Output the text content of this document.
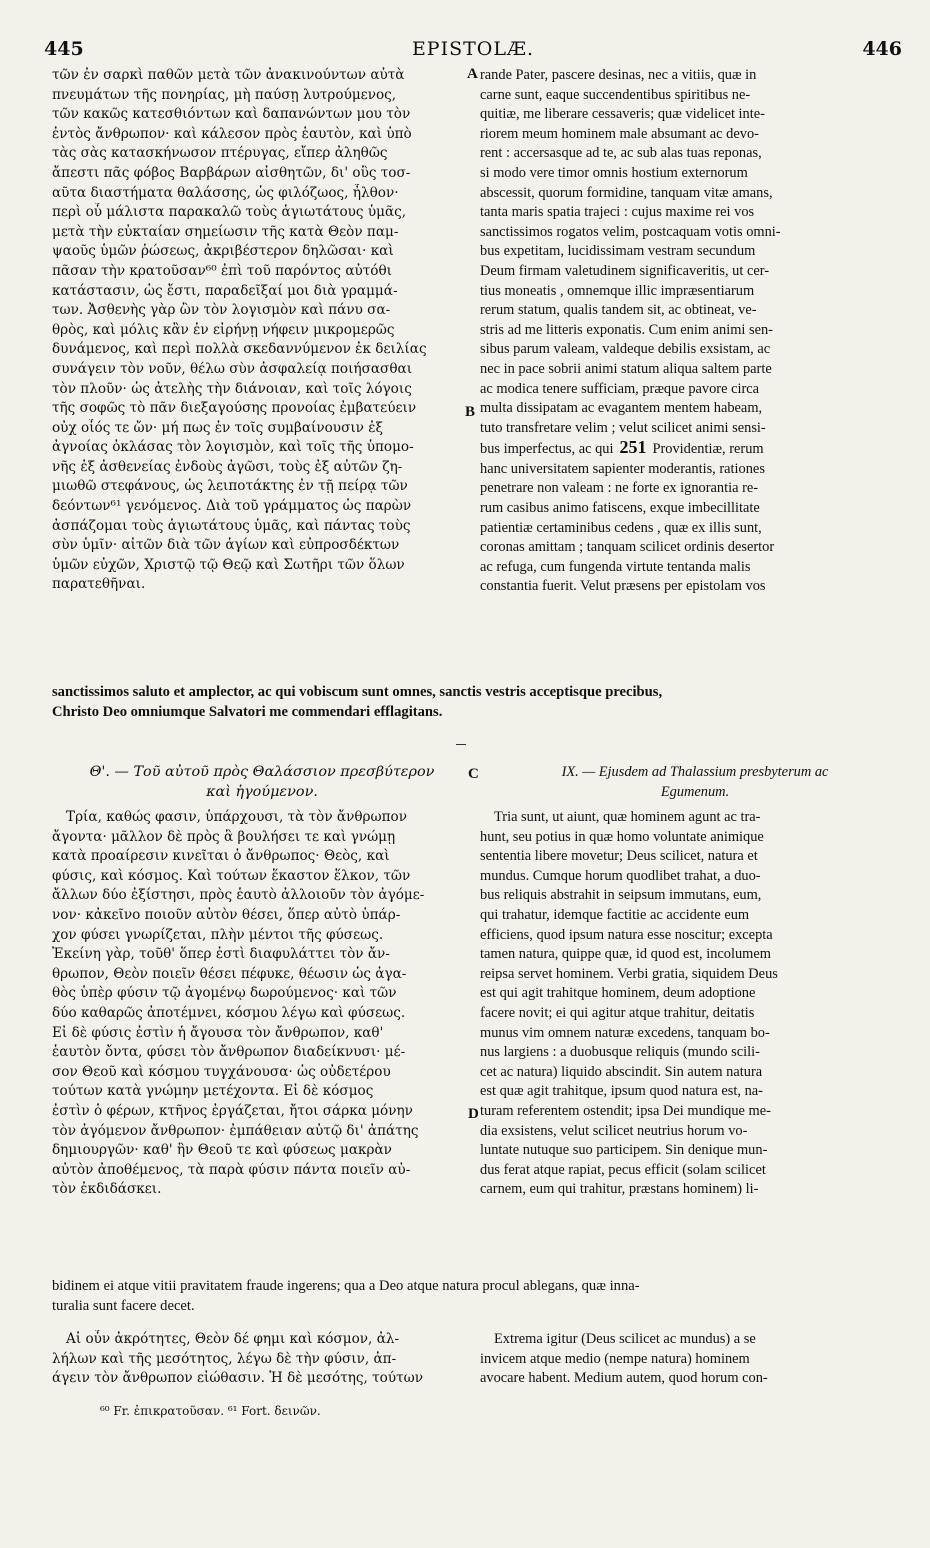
445	EPISTOLÆ.	446
A
B
C
D
τῶν ἐν σαρκὶ παθῶν μετὰ τῶν ἀνακινούντων αὐτὰ
πνευμάτων τῆς πονηρίας, μὴ παύσῃ λυτρούμενος,
τῶν κακῶς κατεσθιόντων καὶ δαπανώντων μου τὸν
ἐντὸς ἄνθρωπον· καὶ κάλεσον πρὸς ἑαυτὸν, καὶ ὑπὸ
τὰς σὰς κατασκήνωσον πτέρυγας, εἴπερ ἀληθῶς
ἄπεστι πᾶς φόβος Βαρβάρων αἰσθητῶν, δι' οὓς τοσ-
αῦτα διαστήματα θαλάσσης, ὡς φιλόζωος, ἦλθον·
περὶ οὗ μάλιστα παρακαλῶ τοὺς ἁγιωτάτους ὑμᾶς,
μετὰ τὴν εὐκταίαν σημείωσιν τῆς κατὰ Θεὸν παμ-
ψαοῦς ὑμῶν ῥώσεως, ἀκριβέστερον δηλῶσαι· καὶ
πᾶσαν τὴν κρατοῦσαν⁶⁰ ἐπὶ τοῦ παρόντος αὐτόθι
κατάστασιν, ὡς ἔστι, παραδεῖξαί μοι διὰ γραμμά-
των. Ἀσθενὴς γὰρ ὢν τὸν λογισμὸν καὶ πάνυ σα-
θρὸς, καὶ μόλις κἂν ἐν εἰρήνῃ νήφειν μικρομερῶς
δυνάμενος, καὶ περὶ πολλὰ σκεδαννύμενον ἐκ δειλίας
συνάγειν τὸν νοῦν, θέλω σὺν ἀσφαλείᾳ ποιήσασθαι
τὸν πλοῦν· ὡς ἀτελὴς τὴν διάνοιαν, καὶ τοῖς λόγοις
τῆς σοφῶς τὸ πᾶν διεξαγούσης προνοίας ἐμβατεύειν
οὐχ οἷός τε ὤν· μή πως ἐν τοῖς συμβαίνουσιν ἐξ
ἀγνοίας ὀκλάσας τὸν λογισμὸν, καὶ τοῖς τῆς ὑπομο-
νῆς ἐξ ἀσθενείας ἐνδοὺς ἀγῶσι, τοὺς ἐξ αὐτῶν ζη-
μιωθῶ στεφάνους, ὡς λειποτάκτης ἐν τῇ πείρᾳ τῶν
δεόντων⁶¹ γενόμενος. Διὰ τοῦ γράμματος ὡς παρὼν
ἀσπάζομαι τοὺς ἁγιωτάτους ὑμᾶς, καὶ πάντας τοὺς
σὺν ὑμῖν· αἰτῶν διὰ τῶν ἁγίων καὶ εὐπροσδέκτων
ὑμῶν εὐχῶν, Χριστῷ τῷ Θεῷ καὶ Σωτῆρι τῶν ὅλων
παρατεθῆναι.
rande Pater, pascere desinas, nec a vitiis, quæ in
carne sunt, eaque succendentibus spiritibus ne-
quitiæ, me liberare cessaveris; quæ videlicet inte-
riorem meum hominem male absumant ac devo-
rent : accersasque ad te, ac sub alas tuas reponas,
si modo vere timor omnis hostium externorum
abscessit, quorum formidine, tanquam vitæ amans,
tanta maris spatia trajeci : cujus maxime rei vos
sanctissimos rogatos velim, postcaquam votis omni-
bus expetitam, lucidissimam vestram secundum
Deum firmam valetudinem significaveritis, ut cer-
tius moneatis , omnemque illic impræsentiarum
rerum statum, qualis tandem sit, ac obtineat, ve-
stris ad me litteris exponatis. Cum enim animi sen-
sibus parum valeam, valdeque debilis exsistam, ac
nec in pace sobrii animi statum aliqua saltem parte
ac modica tenere sufficiam, præque pavore circa
multa dissipatam ac evagantem mentem habeam,
tuto transfretare velim ; velut scilicet animi sensi-
bus imperfectus, ac qui 251 Providentiæ, rerum
hanc universitatem sapienter moderantis, rationes
penetrare non valeam : ne forte ex ignorantia re-
rum casibus animo fatiscens, exque imbecillitate
patientiæ certaminibus cedens , quæ ex illis sunt,
coronas amittam ; tanquam scilicet ordinis desertor
ac refuga, cum fungenda virtute tentanda malis
constantia fuerit. Velut præsens per epistolam vos
sanctissimos saluto et amplector, ac qui vobiscum sunt omnes, sanctis vestris acceptisque precibus,
Christo Deo omniumque Salvatori me commendari efflagitans.
Θ'. — Τοῦ αὐτοῦ πρὸς Θαλάσσιον πρεσβύτερον
καὶ ἡγούμενον.
IX. — Ejusdem ad Thalassium presbyterum ac
Egumenum.
Τρία, καθώς φασιν, ὑπάρχουσι, τὰ τὸν ἄνθρωπον
ἄγοντα· μᾶλλον δὲ πρὸς ἃ βουλήσει τε καὶ γνώμῃ
κατὰ προαίρεσιν κινεῖται ὁ ἄνθρωπος· Θεὸς, καὶ
φύσις, καὶ κόσμος. Καὶ τούτων ἕκαστον ἕλκον, τῶν
ἄλλων δύο ἐξίστησι, πρὸς ἑαυτὸ ἀλλοιοῦν τὸν ἀγόμε-
νον· κἀκεῖνο ποιοῦν αὐτὸν θέσει, ὅπερ αὐτὸ ὑπάρ-
χον φύσει γνωρίζεται, πλὴν μέντοι τῆς φύσεως.
Ἐκείνη γὰρ, τοῦθ' ὅπερ ἐστὶ διαφυλάττει τὸν ἄν-
θρωπον, Θεὸν ποιεῖν θέσει πέφυκε, θέωσιν ὡς ἀγα-
θὸς ὑπὲρ φύσιν τῷ ἀγομένῳ δωρούμενος· καὶ τῶν
δύο καθαρῶς ἀποτέμνει, κόσμου λέγω καὶ φύσεως.
Εἰ δὲ φύσις ἐστὶν ἡ ἄγουσα τὸν ἄνθρωπον, καθ'
ἑαυτὸν ὄντα, φύσει τὸν ἄνθρωπον διαδείκνυσι· μέ-
σον Θεοῦ καὶ κόσμου τυγχάνουσα· ὡς οὐδετέρου
τούτων κατὰ γνώμην μετέχοντα. Εἰ δὲ κόσμος
ἐστὶν ὁ φέρων, κτῆνος ἐργάζεται, ἤτοι σάρκα μόνην
τὸν ἀγόμενον ἄνθρωπον· ἐμπάθειαν αὐτῷ δι' ἀπάτης
δημιουργῶν· καθ' ἣν Θεοῦ τε καὶ φύσεως μακρὰν
αὐτὸν ἀποθέμενος, τὰ παρὰ φύσιν πάντα ποιεῖν αὐ-
τὸν ἐκδιδάσκει.
Tria sunt, ut aiunt, quæ hominem agunt ac tra-
hunt, seu potius in quæ homo voluntate animique
sententia libere movetur; Deus scilicet, natura et
mundus. Cumque horum quodlibet trahat, a duo-
bus reliquis abstrahit in seipsum immutans, eum,
qui trahatur, idemque factitie ac accidente eum
efficiens, quod ipsum natura esse noscitur; excepta
tamen natura, quippe quæ, id quod est, incolumem
reipsa servet hominem. Verbi gratia, siquidem Deus
est qui agit trahitque hominem, deum adoptione
facere novit; ei qui agitur atque trahitur, deitatis
munus vim omnem naturæ excedens, tanquam bo-
nus largiens : a duobusque reliquis (mundo scili-
cet ac natura) liquido abscindit. Sin autem natura
est quæ agit trahitque, ipsum quod natura est, na-
turam referentem ostendit; ipsa Dei mundique me-
dia exsistens, velut scilicet neutrius horum vo-
luntate nutuque suo participem. Sin denique mun-
dus ferat atque rapiat, pecus efficit (solam scilicet
carnem, eum qui trahitur, præstans hominem) li-
bidinem ei atque vitii pravitatem fraude ingerens; qua a Deo atque natura procul ablegans, quæ inna-
turalia sunt facere decet.
Αἱ οὖν ἀκρότητες, Θεὸν δέ φημι καὶ κόσμον, ἀλ-
λήλων καὶ τῆς μεσότητος, λέγω δὲ τὴν φύσιν, ἀπ-
άγειν τὸν ἄνθρωπον εἰώθασιν. Ἡ δὲ μεσότης, τούτων
Extrema igitur (Deus scilicet ac mundus) a se
invicem atque medio (nempe natura) hominem
avocare habent. Medium autem, quod horum con-
⁶⁰ Fr. ἐπικρατοῦσαν. ⁶¹ Fort. δεινῶν.
